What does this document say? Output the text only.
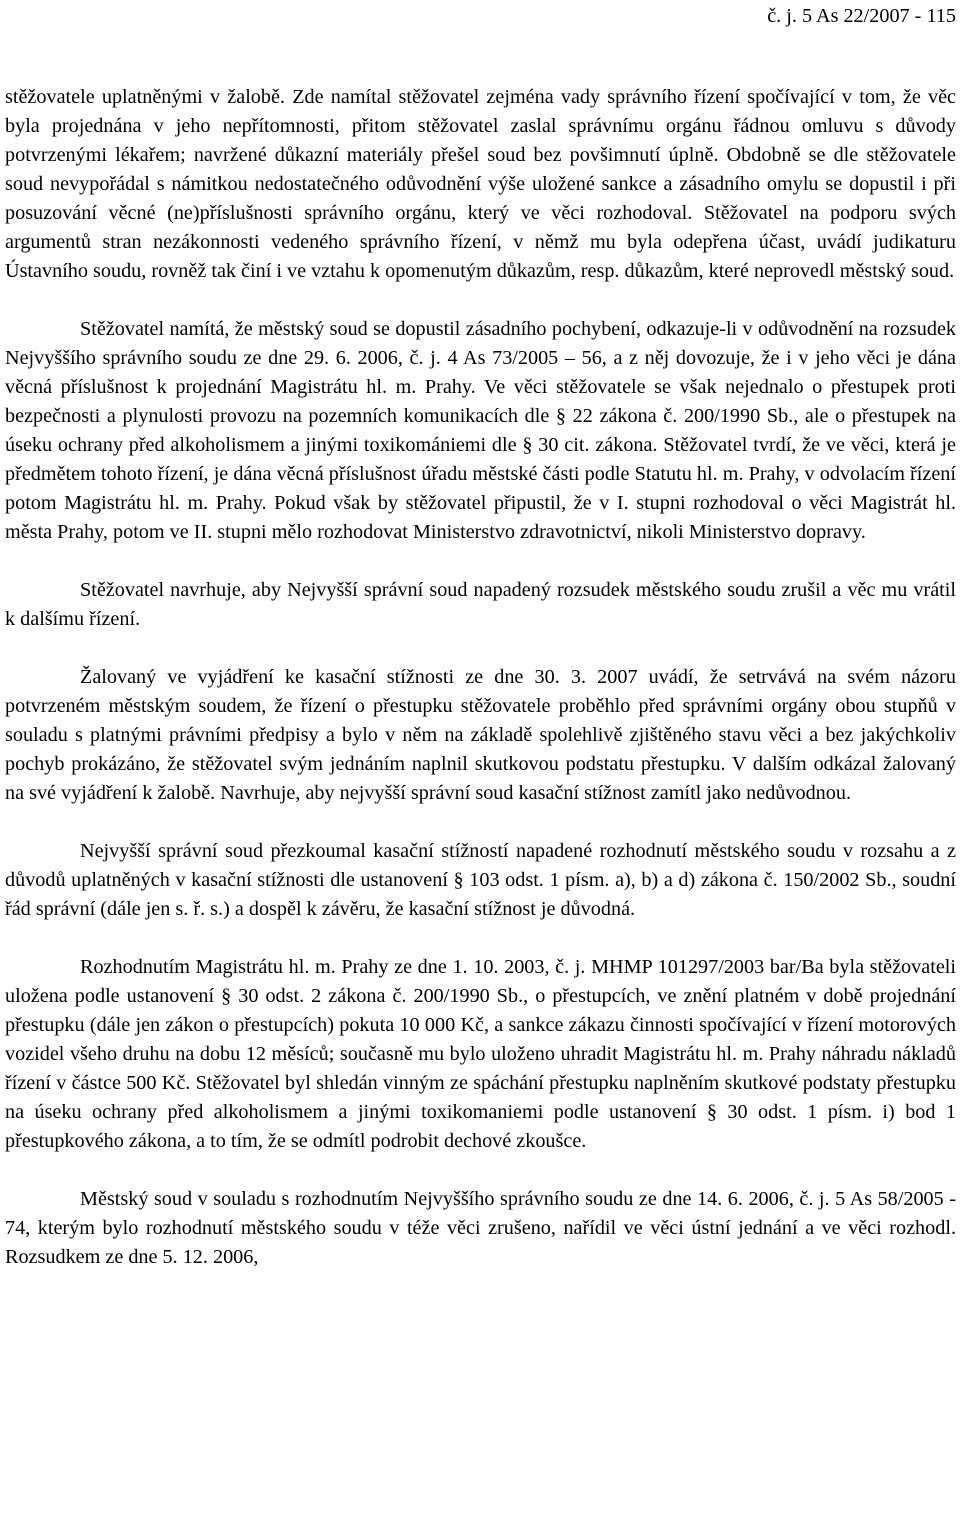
č. j. 5 As 22/2007 - 115

stěžovatele uplatněnými v žalobě. Zde namítal stěžovatel zejména vady správního řízení spočívající v tom, že věc byla projednána v jeho nepřítomnosti, přitom stěžovatel zaslal správnímu orgánu řádnou omluvu s důvody potvrzenými lékařem; navržené důkazní materiály přešel soud bez povšimnutí úplně. Obdobně se dle stěžovatele soud nevypořádal s námitkou nedostatečného odůvodnění výše uložené sankce a zásadního omylu se dopustil i při posuzování věcné (ne)příslušnosti správního orgánu, který ve věci rozhodoval. Stěžovatel na podporu svých argumentů stran nezákonnosti vedeného správního řízení, v němž mu byla odepřena účast, uvádí judikaturu Ústavního soudu, rovněž tak činí i ve vztahu k opomenutým důkazům, resp. důkazům, které neprovedl městský soud.

Stěžovatel namítá, že městský soud se dopustil zásadního pochybení, odkazuje-li v odůvodnění na rozsudek Nejvyššího správního soudu ze dne 29. 6. 2006, č. j. 4 As 73/2005 – 56, a z něj dovozuje, že i v jeho věci je dána věcná příslušnost k projednání Magistrátu hl. m. Prahy. Ve věci stěžovatele se však nejednalo o přestupek proti bezpečnosti a plynulosti provozu na pozemních komunikacích dle § 22 zákona č. 200/1990 Sb., ale o přestupek na úseku ochrany před alkoholismem a jinými toxikomániemi dle § 30 cit. zákona. Stěžovatel tvrdí, že ve věci, která je předmětem tohoto řízení, je dána věcná příslušnost úřadu městské části podle Statutu hl. m. Prahy, v odvolacím řízení potom Magistrátu hl. m. Prahy. Pokud však by stěžovatel připustil, že v I. stupni rozhodoval o věci Magistrát hl. města Prahy, potom ve II. stupni mělo rozhodovat Ministerstvo zdravotnictví, nikoli Ministerstvo dopravy.

Stěžovatel navrhuje, aby Nejvyšší správní soud napadený rozsudek městského soudu zrušil a věc mu vrátil k dalšímu řízení.

Žalovaný ve vyjádření ke kasační stížnosti ze dne 30. 3. 2007 uvádí, že setrvává na svém názoru potvrzeném městským soudem, že řízení o přestupku stěžovatele proběhlo před správními orgány obou stupňů v souladu s platnými právními předpisy a bylo v něm na základě spolehlivě zjištěného stavu věci a bez jakýchkoliv pochyb prokázáno, že stěžovatel svým jednáním naplnil skutkovou podstatu přestupku. V dalším odkázal žalovaný na své vyjádření k žalobě. Navrhuje, aby nejvyšší správní soud kasační stížnost zamítl jako nedůvodnou.

Nejvyšší správní soud přezkoumal kasační stížností napadené rozhodnutí městského soudu v rozsahu a z důvodů uplatněných v kasační stížnosti dle ustanovení § 103 odst. 1 písm. a), b) a d) zákona č. 150/2002 Sb., soudní řád správní (dále jen s. ř. s.) a dospěl k závěru, že kasační stížnost je důvodná.

Rozhodnutím Magistrátu hl. m. Prahy ze dne 1. 10. 2003, č. j. MHMP 101297/2003 bar/Ba byla stěžovateli uložena podle ustanovení § 30 odst. 2 zákona č. 200/1990 Sb., o přestupcích, ve znění platném v době projednání přestupku (dále jen zákon o přestupcích) pokuta 10 000 Kč, a sankce zákazu činnosti spočívající v řízení motorových vozidel všeho druhu na dobu 12 měsíců; současně mu bylo uloženo uhradit Magistrátu hl. m. Prahy náhradu nákladů řízení v částce 500 Kč. Stěžovatel byl shledán vinným ze spáchání přestupku naplněním skutkové podstaty přestupku na úseku ochrany před alkoholismem a jinými toxikomaniemi podle ustanovení § 30 odst. 1 písm. i) bod 1 přestupkového zákona, a to tím, že se odmítl podrobit dechové zkoušce.

Městský soud v souladu s rozhodnutím Nejvyššího správního soudu ze dne 14. 6. 2006, č. j. 5 As 58/2005 - 74, kterým bylo rozhodnutí městského soudu v téže věci zrušeno, nařídil ve věci ústní jednání a ve věci rozhodl. Rozsudkem ze dne 5. 12. 2006,
